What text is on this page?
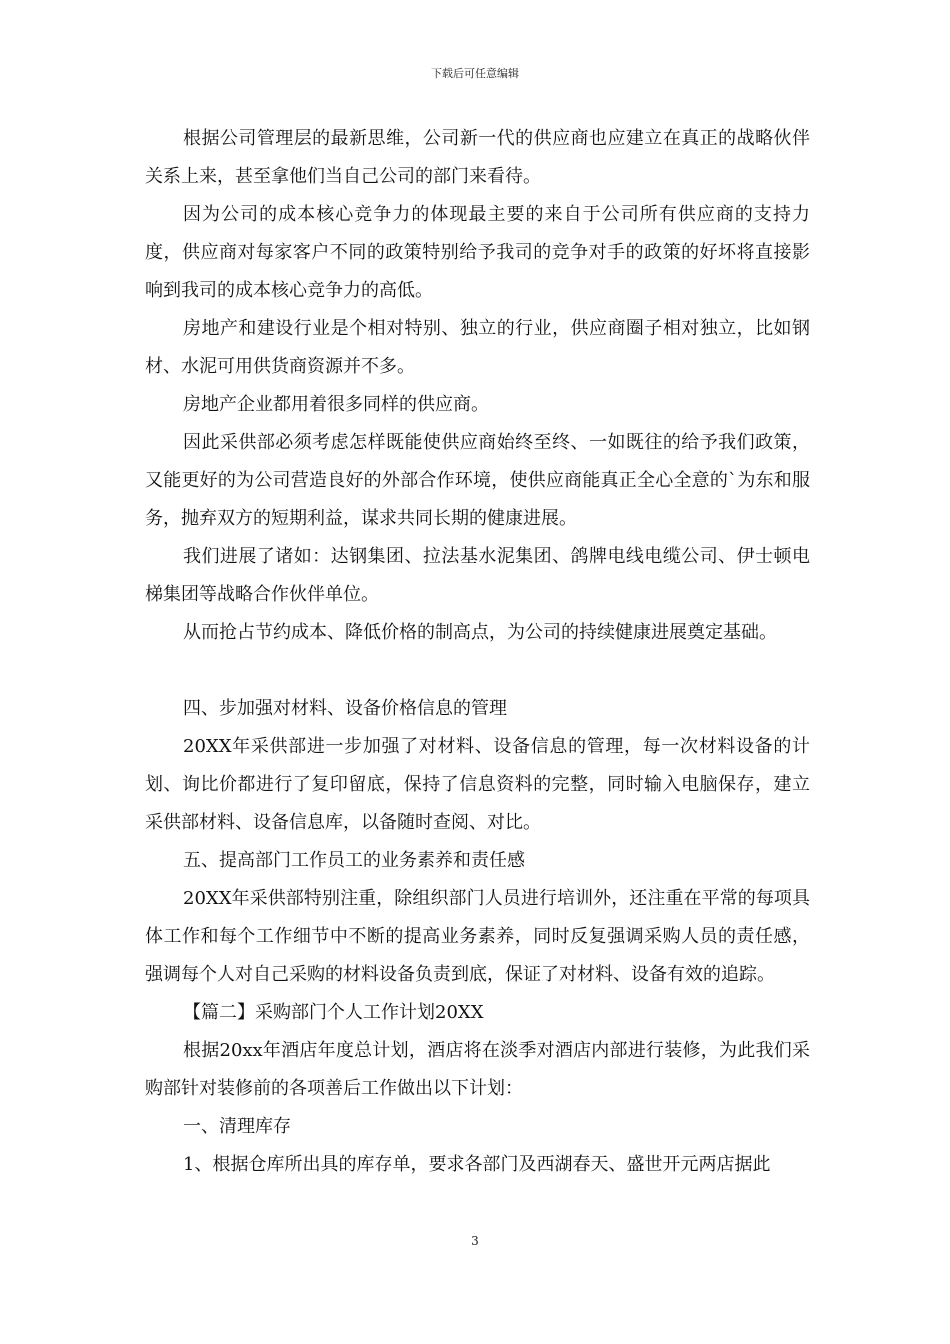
下载后可任意编辑

根据公司管理层的最新思维，公司新一代的供应商也应建立在真正的战略伙伴关系上来，甚至拿他们当自己公司的部门来看待。

因为公司的成本核心竞争力的体现最主要的来自于公司所有供应商的支持力度，供应商对每家客户不同的政策特别给予我司的竞争对手的政策的好坏将直接影响到我司的成本核心竞争力的高低。

房地产和建设行业是个相对特别、独立的行业，供应商圈子相对独立，比如钢材、水泥可用供货商资源并不多。

房地产企业都用着很多同样的供应商。

因此采供部必须考虑怎样既能使供应商始终至终、一如既往的给予我们政策，又能更好的为公司营造良好的外部合作环境，使供应商能真正全心全意的`为东和服务，抛弃双方的短期利益，谋求共同长期的健康进展。

我们进展了诸如：达钢集团、拉法基水泥集团、鸽牌电线电缆公司、伊士顿电梯集团等战略合作伙伴单位。

从而抢占节约成本、降低价格的制高点，为公司的持续健康进展奠定基础。

四、步加强对材料、设备价格信息的管理

20XX年采供部进一步加强了对材料、设备信息的管理，每一次材料设备的计划、询比价都进行了复印留底，保持了信息资料的完整，同时输入电脑保存，建立采供部材料、设备信息库，以备随时查阅、对比。

五、提高部门工作员工的业务素养和责任感

20XX年采供部特别注重，除组织部门人员进行培训外，还注重在平常的每项具体工作和每个工作细节中不断的提高业务素养，同时反复强调采购人员的责任感，强调每个人对自己采购的材料设备负责到底，保证了对材料、设备有效的追踪。

【篇二】采购部门个人工作计划20XX

根据20xx年酒店年度总计划，酒店将在淡季对酒店内部进行装修，为此我们采购部针对装修前的各项善后工作做出以下计划：

一、清理库存

1、根据仓库所出具的库存单，要求各部门及西湖春天、盛世开元两店据此

3
